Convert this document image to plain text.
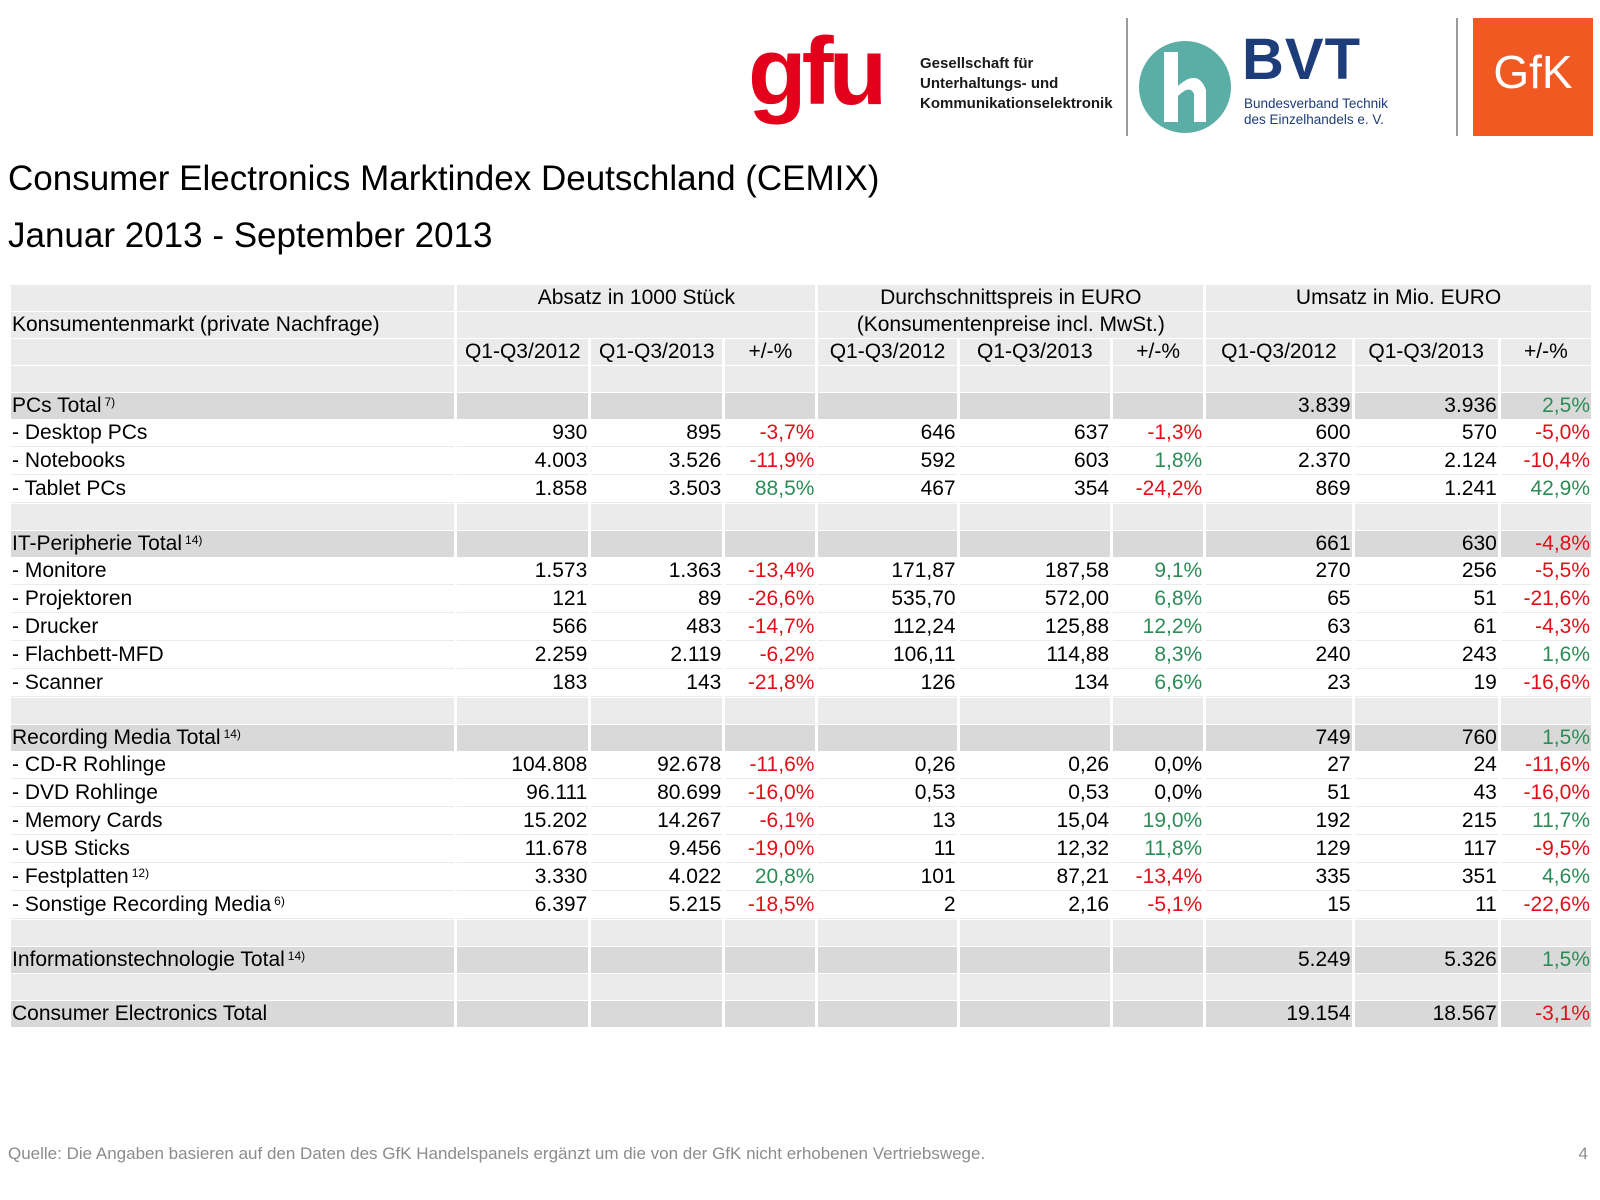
gfu	Gesellschaft für
Unterhaltungs- und
Kommunikationselektronik
BVT
Bundesverband Technik
des Einzelhandels e. V.
GfK
Consumer Electronics Marktindex Deutschland (CEMIX)
Januar 2013 - September 2013
	Absatz in 1000 Stück			Durchschnittspreis in EURO			Umsatz in Mio. EURO		
Konsumentenmarkt (private Nachfrage)				(Konsumentenpreise incl. MwSt.)					
	Q1-Q3/2012	Q1-Q3/2013	+/-%	Q1-Q3/2012	Q1-Q3/2013	+/-%	Q1-Q3/2012	Q1-Q3/2013	+/-%

PCs Total $^{7)}$							3.839	3.936	2,5%
- Desktop PCs	930	895	-3,7%	646	637	-1,3%	600	570	-5,0%
- Notebooks	4.003	3.526	-11,9%	592	603	1,8%	2.370	2.124	-10,4%
- Tablet PCs	1.858	3.503	88,5%	467	354	-24,2%	869	1.241	42,9%

IT-Peripherie Total $^{14)}$							661	630	-4,8%
- Monitore	1.573	1.363	-13,4%	171,87	187,58	9,1%	270	256	-5,5%
- Projektoren	121	89	-26,6%	535,70	572,00	6,8%	65	51	-21,6%
- Drucker	566	483	-14,7%	112,24	125,88	12,2%	63	61	-4,3%
- Flachbett-MFD	2.259	2.119	-6,2%	106,11	114,88	8,3%	240	243	1,6%
- Scanner	183	143	-21,8%	126	134	6,6%	23	19	-16,6%

Recording Media Total $^{14)}$							749	760	1,5%
- CD-R Rohlinge	104.808	92.678	-11,6%	0,26	0,26	0,0%	27	24	-11,6%
- DVD Rohlinge	96.111	80.699	-16,0%	0,53	0,53	0,0%	51	43	-16,0%
- Memory Cards	15.202	14.267	-6,1%	13	15,04	19,0%	192	215	11,7%
- USB Sticks	11.678	9.456	-19,0%	11	12,32	11,8%	129	117	-9,5%
- Festplatten $^{12)}$	3.330	4.022	20,8%	101	87,21	-13,4%	335	351	4,6%
- Sonstige Recording Media $^{6)}$	6.397	5.215	-18,5%	2	2,16	-5,1%	15	11	-22,6%

Informationstechnologie Total $^{14)}$							5.249	5.326	1,5%

Consumer Electronics Total							19.154	18.567	-3,1%
Quelle: Die Angaben basieren auf den Daten des GfK Handelspanels ergänzt um die von der GfK nicht erhobenen Vertriebswege.	4
